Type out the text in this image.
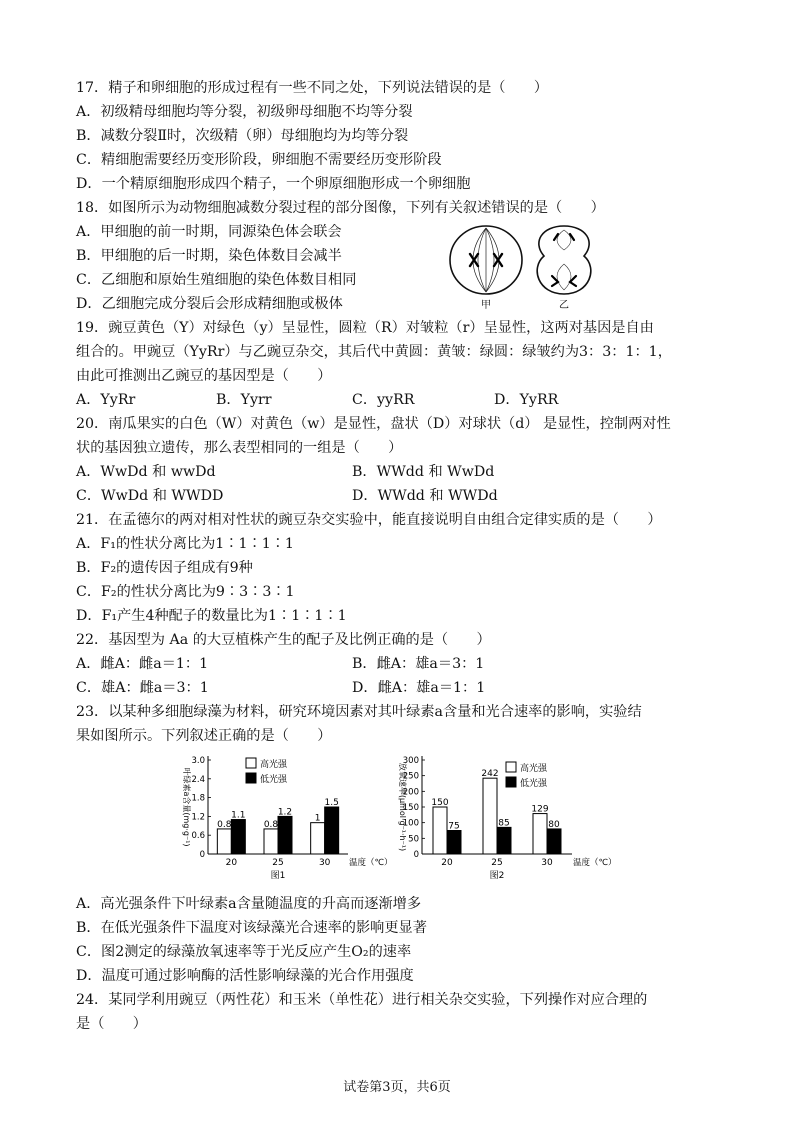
17．精子和卵细胞的形成过程有一些不同之处，下列说法错误的是（　　）
A．初级精母细胞均等分裂，初级卵母细胞不均等分裂
B．减数分裂Ⅱ时，次级精（卵）母细胞均为均等分裂
C．精细胞需要经历变形阶段，卵细胞不需要经历变形阶段
D．一个精原细胞形成四个精子，一个卵原细胞形成一个卵细胞
18．如图所示为动物细胞减数分裂过程的部分图像，下列有关叙述错误的是（　　）
A．甲细胞的前一时期，同源染色体会联会
B．甲细胞的后一时期，染色体数目会减半
C．乙细胞和原始生殖细胞的染色体数目相同
D．乙细胞完成分裂后会形成精细胞或极体	甲	乙
19．豌豆黄色（Y）对绿色（y）呈显性，圆粒（R）对皱粒（r）呈显性，这两对基因是自由
组合的。甲豌豆（YyRr）与乙豌豆杂交，其后代中黄圆：黄皱：绿圆：绿皱约为3：3：1：1，
由此可推测出乙豌豆的基因型是（　　）
A．YyRr	B．Yyrr	C．yyRR	D．YyRR
20．南瓜果实的白色（W）对黄色（w）是显性，盘状（D）对球状（d） 是显性，控制两对性
状的基因独立遗传，那么表型相同的一组是（　　）
A．WwDd 和 wwDd	B．WWdd 和 WwDd
C．WwDd 和 WWDD	D．WWdd 和 WWDd
21．在孟德尔的两对相对性状的豌豆杂交实验中，能直接说明自由组合定律实质的是（　　）
A．F₁的性状分离比为1∶1∶1∶1
B．F₂的遗传因子组成有9种
C．F₂的性状分离比为9∶3∶3∶1
D．F₁产生4种配子的数量比为1∶1∶1∶1
22．基因型为 Aa 的大豆植株产生的配子及比例正确的是（　　）
A．雌A：雌a＝1：1	B．雌A：雄a＝3：1
C．雄A：雌a＝3：1	D．雌A：雄a＝1：1
23．以某种多细胞绿藻为材料，研究环境因素对其叶绿素a含量和光合速率的影响，实验结
果如图所示。下列叙述正确的是（　　）
叶绿素a含量(mg·g⁻¹)
0
0.6
1.2
1.8
2.4
3.0
0.8
1.1
20
0.8
1.2
25
1
1.5
30 温度（℃）
图1
高光强
低光强	放氧速率(μmol·g⁻¹·h⁻¹)
0
50
100
150
200
250
300
150
75
20
242
85
25
129
80
30 温度（℃）
图2
高光强
低光强
A．高光强条件下叶绿素a含量随温度的升高而逐渐增多
B．在低光强条件下温度对该绿藻光合速率的影响更显著
C．图2测定的绿藻放氧速率等于光反应产生O₂的速率
D．温度可通过影响酶的活性影响绿藻的光合作用强度
24．某同学利用豌豆（两性花）和玉米（单性花）进行相关杂交实验，下列操作对应合理的
是（　　）
试卷第3页，共6页
